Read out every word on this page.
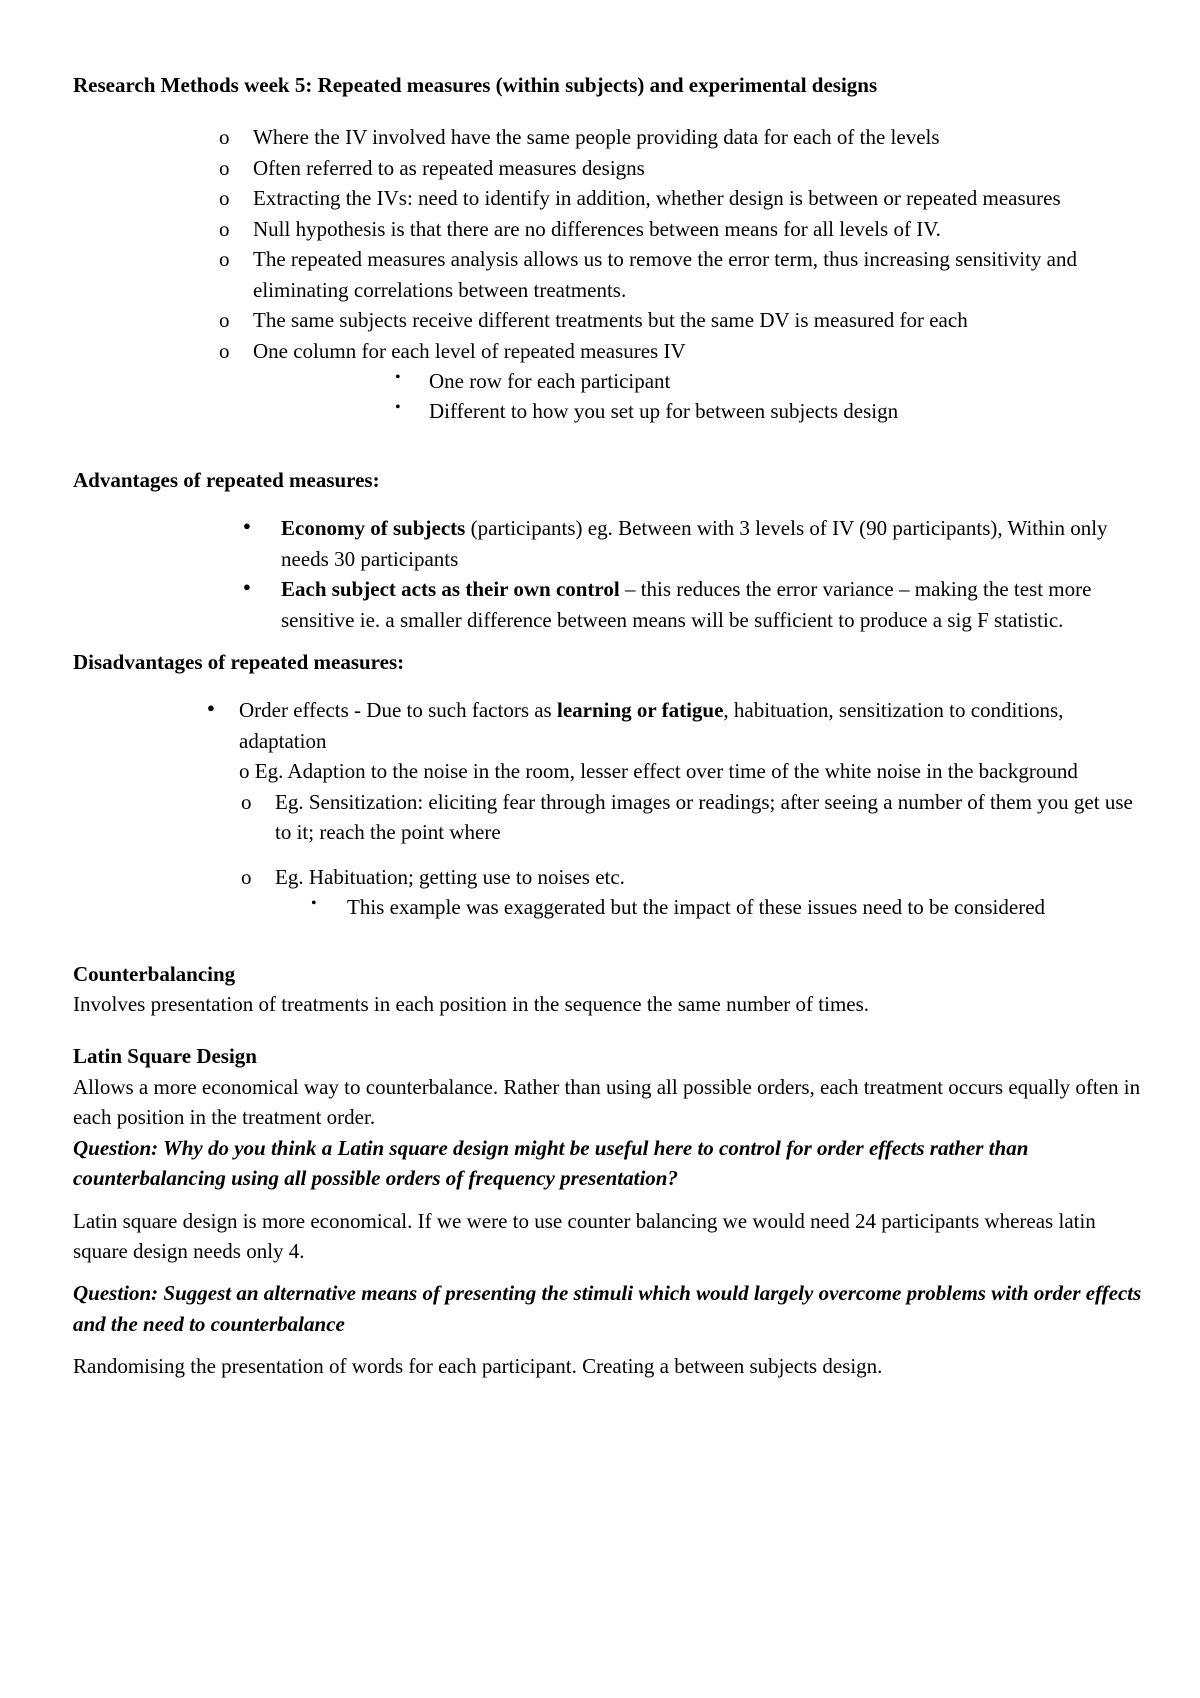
Research Methods week 5: Repeated measures (within subjects) and experimental designs
o Where the IV involved have the same people providing data for each of the levels
o Often referred to as repeated measures designs
o Extracting the IVs: need to identify in addition, whether design is between or repeated measures
o Null hypothesis is that there are no differences between means for all levels of IV.
o The repeated measures analysis allows us to remove the error term, thus increasing sensitivity and eliminating correlations between treatments.
o The same subjects receive different treatments but the same DV is measured for each
o One column for each level of repeated measures IV
• One row for each participant
• Different to how you set up for between subjects design
Advantages of repeated measures:
● Economy of subjects (participants) eg. Between with 3 levels of IV (90 participants), Within only needs 30 participants
● Each subject acts as their own control – this reduces the error variance – making the test more sensitive ie. a smaller difference between means will be sufficient to produce a sig F statistic.
Disadvantages of repeated measures:
● Order effects - Due to such factors as learning or fatigue, habituation, sensitization to conditions, adaptation
o Eg. Adaption to the noise in the room, lesser effect over time of the white noise in the background
o Eg. Sensitization: eliciting fear through images or readings; after seeing a number of them you get use to it; reach the point where
o Eg. Habituation; getting use to noises etc.
• This example was exaggerated but the impact of these issues need to be considered
Counterbalancing

Involves presentation of treatments in each position in the sequence the same number of times.

Latin Square Design

Allows a more economical way to counterbalance. Rather than using all possible orders, each treatment occurs equally often in each position in the treatment order.

Question: Why do you think a Latin square design might be useful here to control for order effects rather than counterbalancing using all possible orders of frequency presentation?

Latin square design is more economical. If we were to use counter balancing we would need 24 participants whereas latin square design needs only 4.

Question: Suggest an alternative means of presenting the stimuli which would largely overcome problems with order effects and the need to counterbalance

Randomising the presentation of words for each participant. Creating a between subjects design.
